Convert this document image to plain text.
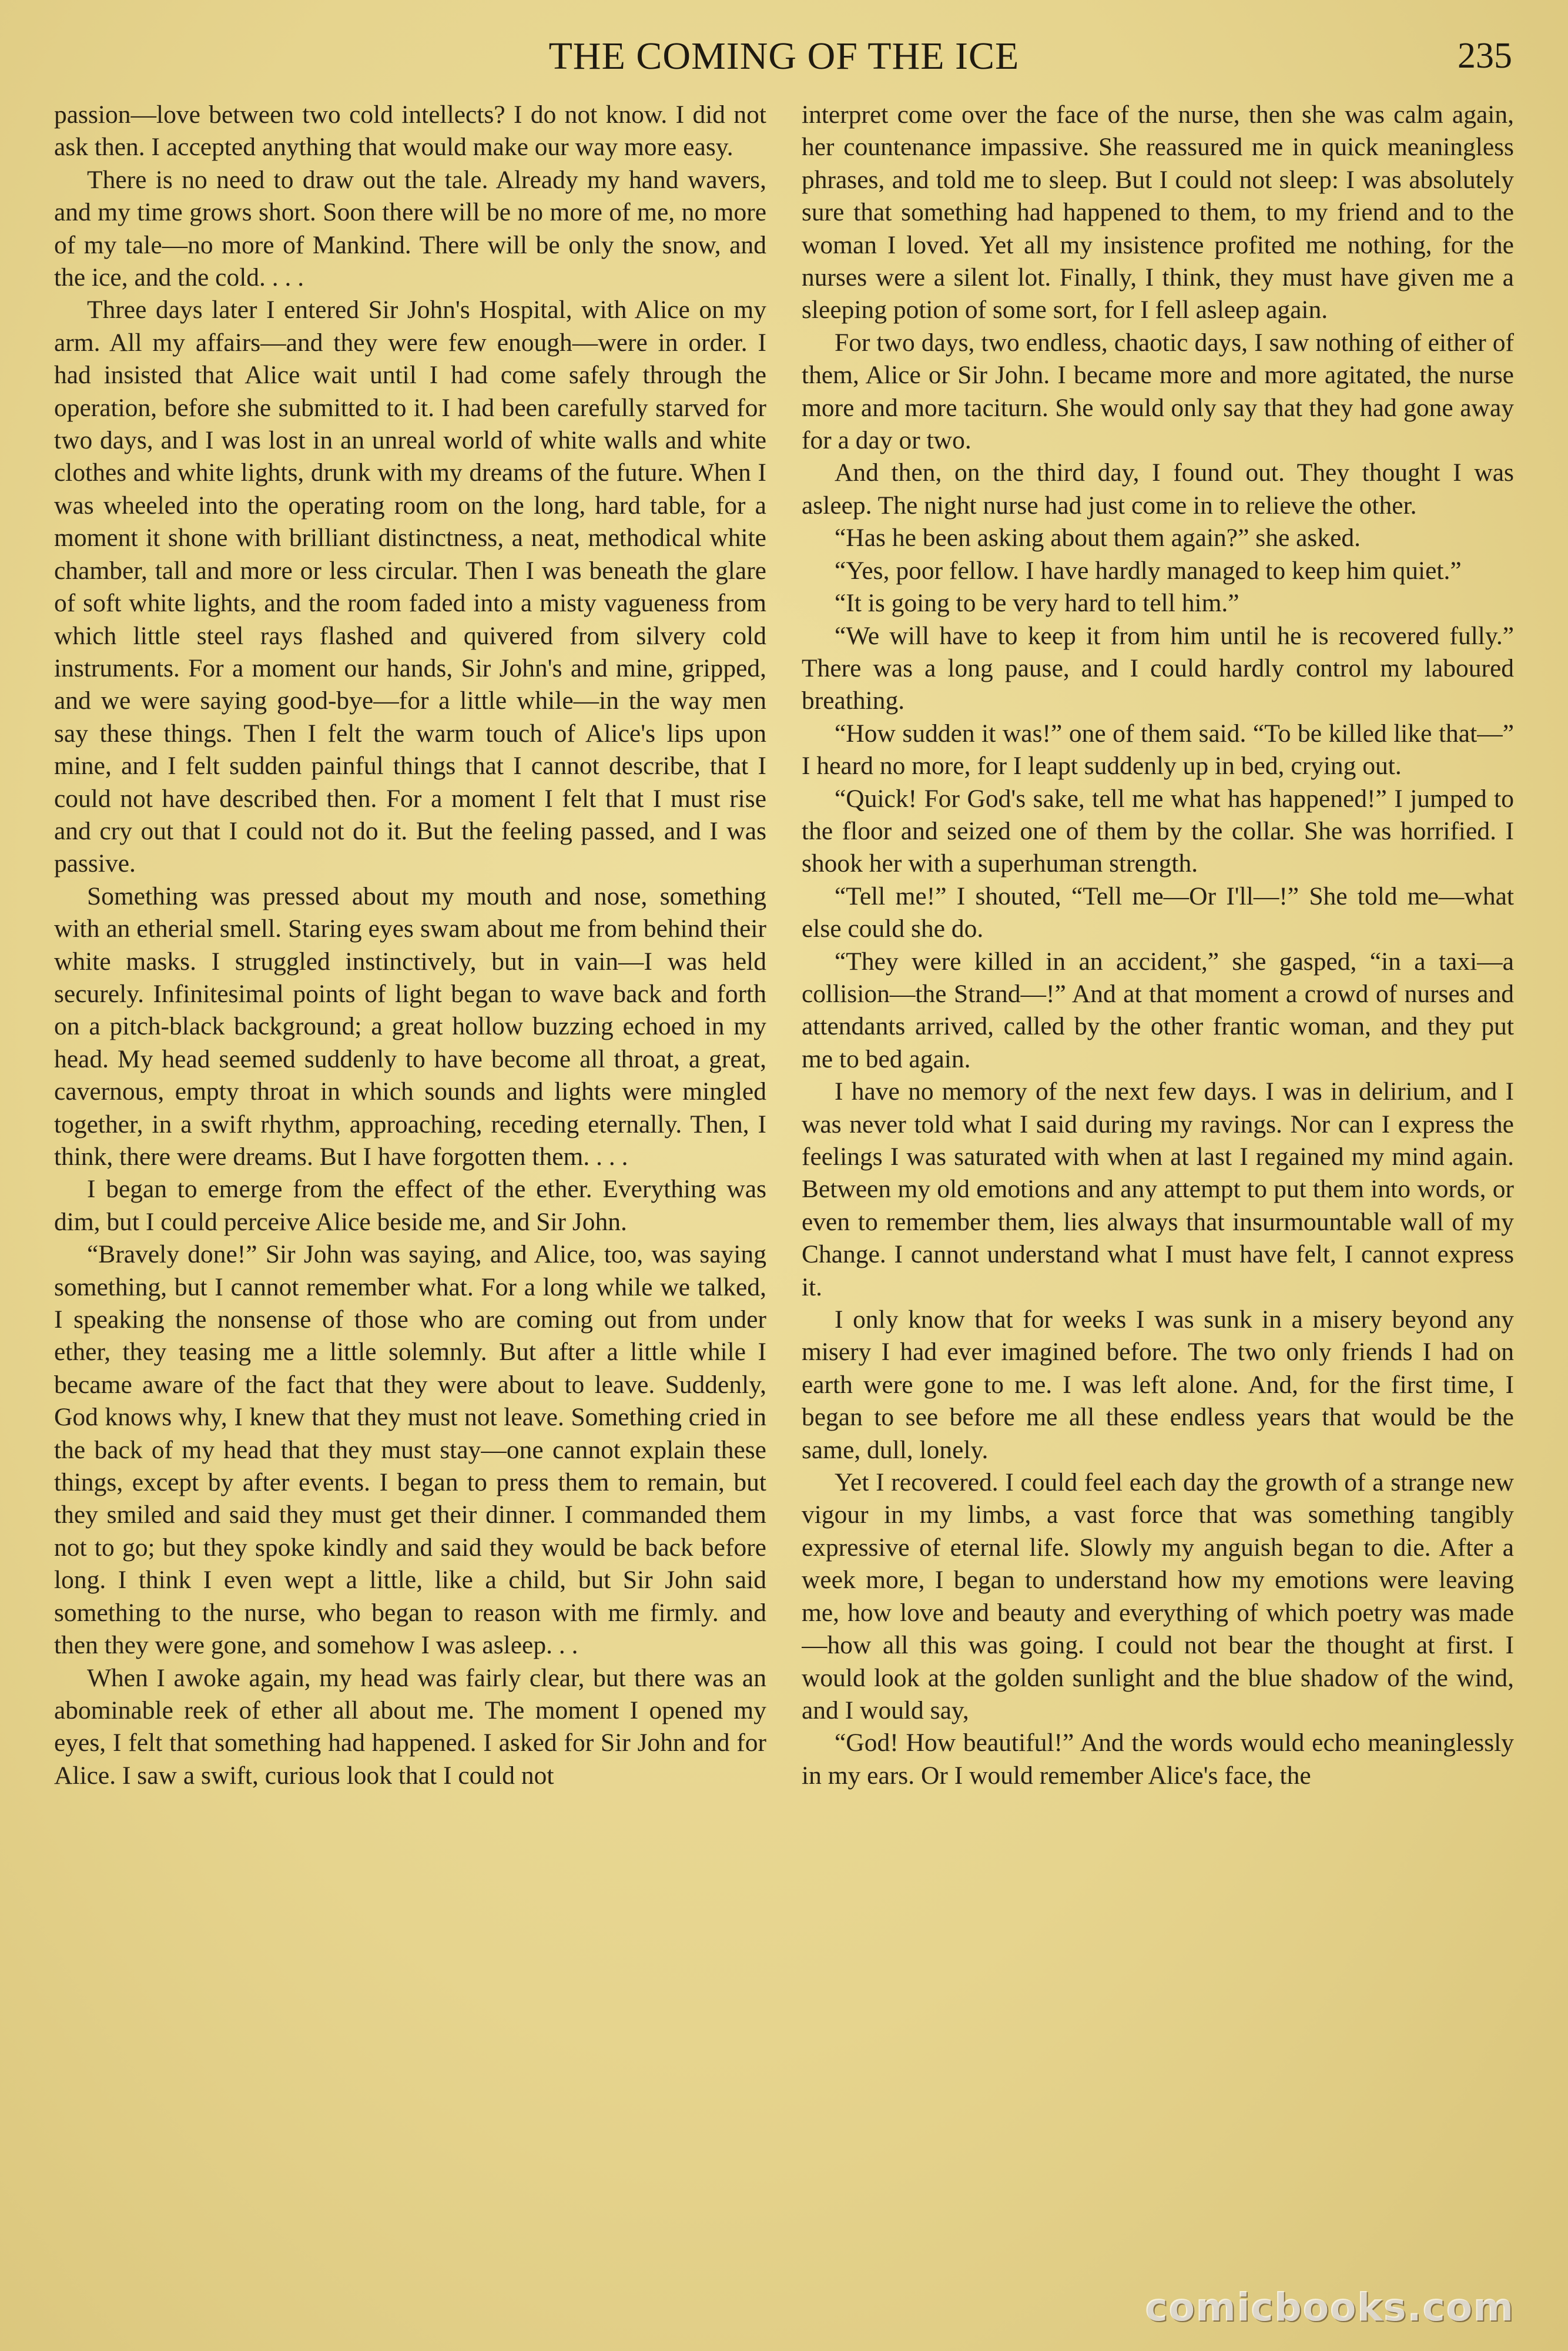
THE COMING OF THE ICE	235

passion—love between two cold intellects? I do not know. I did not ask then. I accepted anything that would make our way more easy.

There is no need to draw out the tale. Already my hand wavers, and my time grows short. Soon there will be no more of me, no more of my tale—no more of Mankind. There will be only the snow, and the ice, and the cold. . . .

Three days later I entered Sir John's Hospital, with Alice on my arm. All my affairs—and they were few enough—were in order. I had insisted that Alice wait until I had come safely through the operation, before she submitted to it. I had been carefully starved for two days, and I was lost in an unreal world of white walls and white clothes and white lights, drunk with my dreams of the future. When I was wheeled into the operating room on the long, hard table, for a moment it shone with brilliant distinctness, a neat, methodical white chamber, tall and more or less circular. Then I was beneath the glare of soft white lights, and the room faded into a misty vagueness from which little steel rays flashed and quivered from silvery cold instruments. For a moment our hands, Sir John's and mine, gripped, and we were saying good-bye—for a little while—in the way men say these things. Then I felt the warm touch of Alice's lips upon mine, and I felt sudden painful things that I cannot describe, that I could not have described then. For a moment I felt that I must rise and cry out that I could not do it. But the feeling passed, and I was passive.

Something was pressed about my mouth and nose, something with an etherial smell. Staring eyes swam about me from behind their white masks. I struggled instinctively, but in vain—I was held securely. Infinitesimal points of light began to wave back and forth on a pitch-black background; a great hollow buzzing echoed in my head. My head seemed suddenly to have become all throat, a great, cavernous, empty throat in which sounds and lights were mingled together, in a swift rhythm, approaching, receding eternally. Then, I think, there were dreams. But I have forgotten them. . . .

I began to emerge from the effect of the ether. Everything was dim, but I could perceive Alice beside me, and Sir John.

“Bravely done!” Sir John was saying, and Alice, too, was saying something, but I cannot remember what. For a long while we talked, I speaking the nonsense of those who are coming out from under ether, they teasing me a little solemnly. But after a little while I became aware of the fact that they were about to leave. Suddenly, God knows why, I knew that they must not leave. Something cried in the back of my head that they must stay—one cannot explain these things, except by after events. I began to press them to remain, but they smiled and said they must get their dinner. I commanded them not to go; but they spoke kindly and said they would be back before long. I think I even wept a little, like a child, but Sir John said something to the nurse, who began to reason with me firmly. and then they were gone, and somehow I was asleep. . .

When I awoke again, my head was fairly clear, but there was an abominable reek of ether all about me. The moment I opened my eyes, I felt that something had happened. I asked for Sir John and for Alice. I saw a swift, curious look that I could not

interpret come over the face of the nurse, then she was calm again, her countenance impassive. She reassured me in quick meaningless phrases, and told me to sleep. But I could not sleep: I was absolutely sure that something had happened to them, to my friend and to the woman I loved. Yet all my insistence profited me nothing, for the nurses were a silent lot. Finally, I think, they must have given me a sleeping potion of some sort, for I fell asleep again.

For two days, two endless, chaotic days, I saw nothing of either of them, Alice or Sir John. I became more and more agitated, the nurse more and more taciturn. She would only say that they had gone away for a day or two.

And then, on the third day, I found out. They thought I was asleep. The night nurse had just come in to relieve the other.

“Has he been asking about them again?” she asked.

“Yes, poor fellow. I have hardly managed to keep him quiet.”

“It is going to be very hard to tell him.”

“We will have to keep it from him until he is recovered fully.” There was a long pause, and I could hardly control my laboured breathing.

“How sudden it was!” one of them said. “To be killed like that—” I heard no more, for I leapt suddenly up in bed, crying out.

“Quick! For God's sake, tell me what has happened!” I jumped to the floor and seized one of them by the collar. She was horrified. I shook her with a superhuman strength.

“Tell me!” I shouted, “Tell me—Or I'll—!” She told me—what else could she do.

“They were killed in an accident,” she gasped, “in a taxi—a collision—the Strand—!” And at that moment a crowd of nurses and attendants arrived, called by the other frantic woman, and they put me to bed again.

I have no memory of the next few days. I was in delirium, and I was never told what I said during my ravings. Nor can I express the feelings I was saturated with when at last I regained my mind again. Between my old emotions and any attempt to put them into words, or even to remember them, lies always that insurmountable wall of my Change. I cannot understand what I must have felt, I cannot express it.

I only know that for weeks I was sunk in a misery beyond any misery I had ever imagined before. The two only friends I had on earth were gone to me. I was left alone. And, for the first time, I began to see before me all these endless years that would be the same, dull, lonely.

Yet I recovered. I could feel each day the growth of a strange new vigour in my limbs, a vast force that was something tangibly expressive of eternal life. Slowly my anguish began to die. After a week more, I began to understand how my emotions were leaving me, how love and beauty and everything of which poetry was made—how all this was going. I could not bear the thought at first. I would look at the golden sunlight and the blue shadow of the wind, and I would say,

“God! How beautiful!” And the words would echo meaninglessly in my ears. Or I would remember Alice's face, the

comicbooks.com
